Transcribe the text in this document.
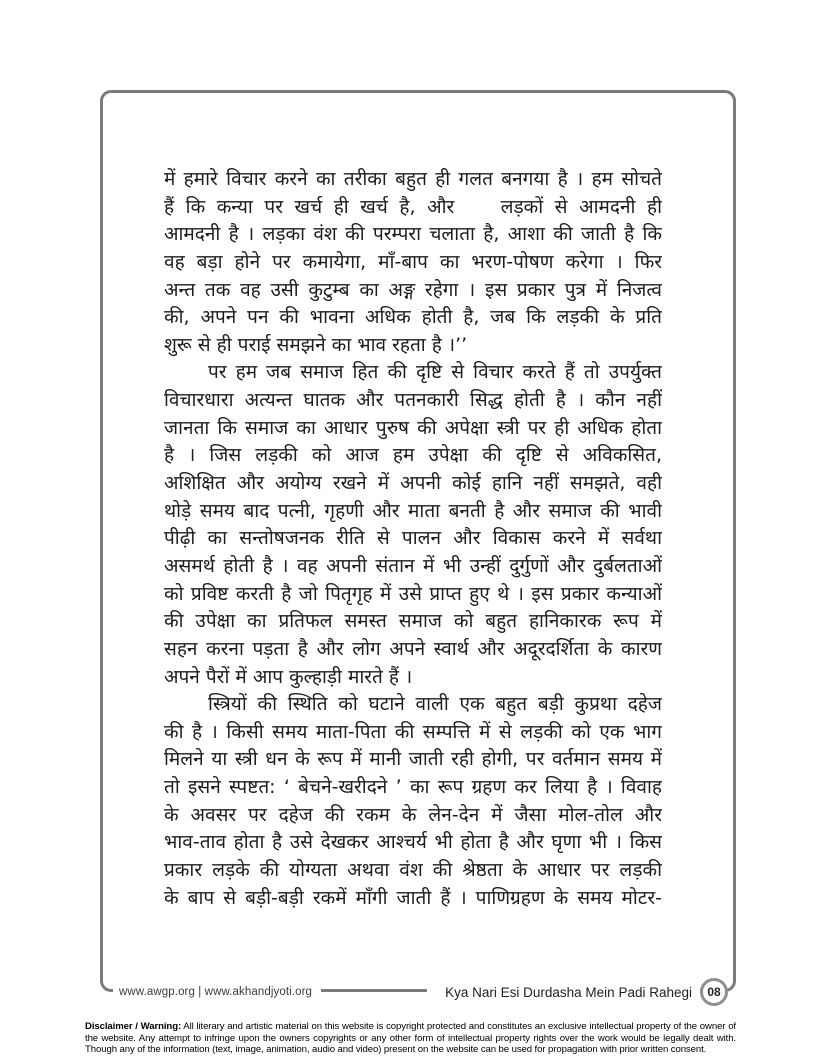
में हमारे विचार करने का तरीका बहुत ही गलत बनगया है । हम सोचते
हैं कि कन्या पर खर्च ही खर्च है, और    लड़कों से आमदनी ही
आमदनी है । लड़का वंश की परम्परा चलाता है, आशा की जाती है कि
वह बड़ा होने पर कमायेगा, माँ-बाप का भरण-पोषण करेगा । फिर
अन्त तक वह उसी कुटुम्ब का अङ्ग रहेगा । इस प्रकार पुत्र में निजत्व
की, अपने पन की भावना अधिक होती है, जब कि लड़की के प्रति
शुरू से ही पराई समझने का भाव रहता है ।’’
पर हम जब समाज हित की दृष्टि से विचार करते हैं तो उपर्युक्त
विचारधारा अत्यन्त घातक और पतनकारी सिद्ध होती है । कौन नहीं
जानता कि समाज का आधार पुरुष की अपेक्षा स्त्री पर ही अधिक होता
है । जिस लड़की को आज हम उपेक्षा की दृष्टि से अविकसित,
अशिक्षित और अयोग्य रखने में अपनी कोई हानि नहीं समझते, वही
थोड़े समय बाद पत्नी, गृहणी और माता बनती है और समाज की भावी
पीढ़ी का सन्तोषजनक रीति से पालन और विकास करने में सर्वथा
असमर्थ होती है । वह अपनी संतान में भी उन्हीं दुर्गुणों और दुर्बलताओं
को प्रविष्ट करती है जो पितृगृह में उसे प्राप्त हुए थे । इस प्रकार कन्याओं
की उपेक्षा का प्रतिफल समस्त समाज को बहुत हानिकारक रूप में
सहन करना पड़ता है और लोग अपने स्वार्थ और अदूरदर्शिता के कारण
अपने पैरों में आप कुल्हाड़ी मारते हैं ।
स्त्रियों की स्थिति को घटाने वाली एक बहुत बड़ी कुप्रथा दहेज
की है । किसी समय माता-पिता की सम्पत्ति में से लड़की को एक भाग
मिलने या स्त्री धन के रूप में मानी जाती रही होगी, पर वर्तमान समय में
तो इसने स्पष्टत: ‘ बेचने-खरीदने ’ का रूप ग्रहण कर लिया है । विवाह
के अवसर पर दहेज की रकम के लेन-देन में जैसा मोल-तोल और
भाव-ताव होता है उसे देखकर आश्चर्य भी होता है और घृणा भी । किस
प्रकार लड़के की योग्यता अथवा वंश की श्रेष्ठता के आधार पर लड़की
के बाप से बड़ी-बड़ी रकमें माँगी जाती हैं । पाणिग्रहण के समय मोटर-
www.awgp.org | www.akhandjyoti.org	Kya Nari Esi Durdasha Mein Padi Rahegi	08
Disclaimer / Warning: All literary and artistic material on this website is copyright protected and constitutes an exclusive intellectual property of the owner of the website. Any attempt to infringe upon the owners copyrights or any other form of intellectual property rights over the work would be legally dealt with. Though any of the information (text, image, animation, audio and video) present on the website can be used for propagation with prior written consent.
